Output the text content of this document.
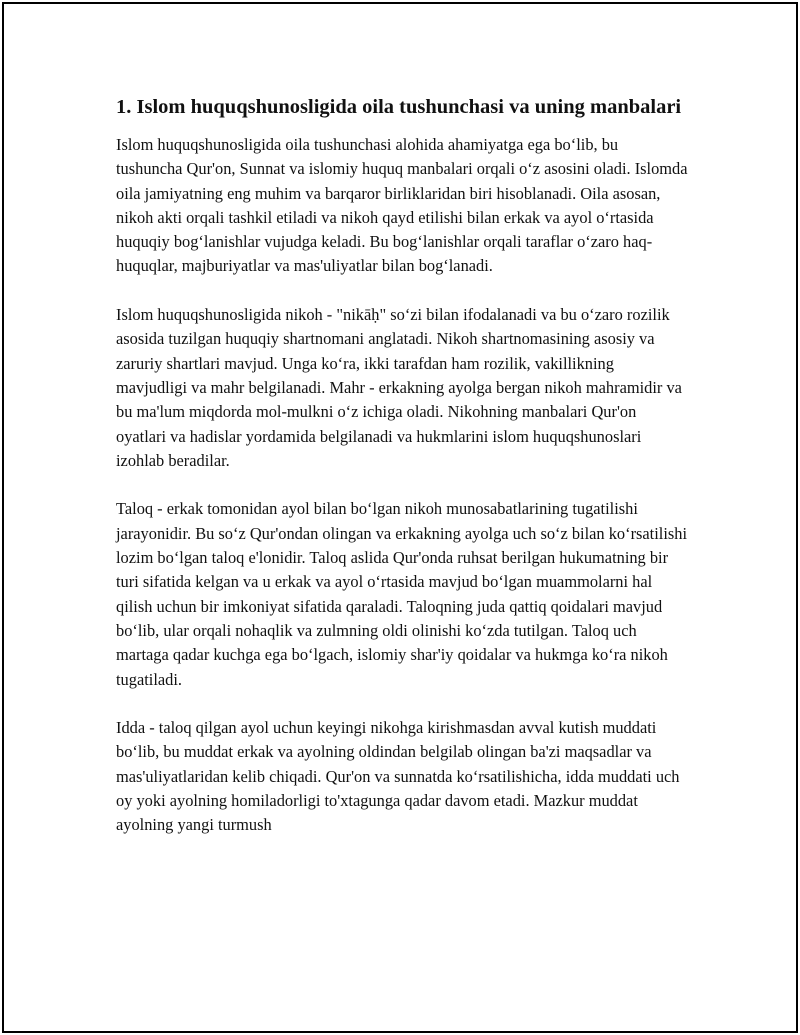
1. Islom huquqshunosligida oila tushunchasi va uning manbalari

Islom huquqshunosligida oila tushunchasi alohida ahamiyatga ega bo‘lib, bu tushuncha Qur'on, Sunnat va islomiy huquq manbalari orqali o‘z asosini oladi. Islomda oila jamiyatning eng muhim va barqaror birliklaridan biri hisoblanadi. Oila asosan, nikoh akti orqali tashkil etiladi va nikoh qayd etilishi bilan erkak va ayol o‘rtasida huquqiy bog‘lanishlar vujudga keladi. Bu bog‘lanishlar orqali taraflar o‘zaro haq-huquqlar, majburiyatlar va mas'uliyatlar bilan bog‘lanadi.

Islom huquqshunosligida nikoh - "nikāḥ" so‘zi bilan ifodalanadi va bu o‘zaro rozilik asosida tuzilgan huquqiy shartnomani anglatadi. Nikoh shartnomasining asosiy va zaruriy shartlari mavjud. Unga ko‘ra, ikki tarafdan ham rozilik, vakillikning mavjudligi va mahr belgilanadi. Mahr - erkakning ayolga bergan nikoh mahramidir va bu ma'lum miqdorda mol-mulkni o‘z ichiga oladi. Nikohning manbalari Qur'on oyatlari va hadislar yordamida belgilanadi va hukmlarini islom huquqshunoslari izohlab beradilar.

Taloq - erkak tomonidan ayol bilan bo‘lgan nikoh munosabatlarining tugatilishi jarayonidir. Bu so‘z Qur'ondan olingan va erkakning ayolga uch so‘z bilan ko‘rsatilishi lozim bo‘lgan taloq e'lonidir. Taloq aslida Qur'onda ruhsat berilgan hukumatning bir turi sifatida kelgan va u erkak va ayol o‘rtasida mavjud bo‘lgan muammolarni hal qilish uchun bir imkoniyat sifatida qaraladi. Taloqning juda qattiq qoidalari mavjud bo‘lib, ular orqali nohaqlik va zulmning oldi olinishi ko‘zda tutilgan. Taloq uch martaga qadar kuchga ega bo‘lgach, islomiy shar'iy qoidalar va hukmga ko‘ra nikoh tugatiladi.

Idda - taloq qilgan ayol uchun keyingi nikohga kirishmasdan avval kutish muddati bo‘lib, bu muddat erkak va ayolning oldindan belgilab olingan ba'zi maqsadlar va mas'uliyatlaridan kelib chiqadi. Qur'on va sunnatda ko‘rsatilishicha, idda muddati uch oy yoki ayolning homiladorligi to'xtagunga qadar davom etadi. Mazkur muddat ayolning yangi turmush
